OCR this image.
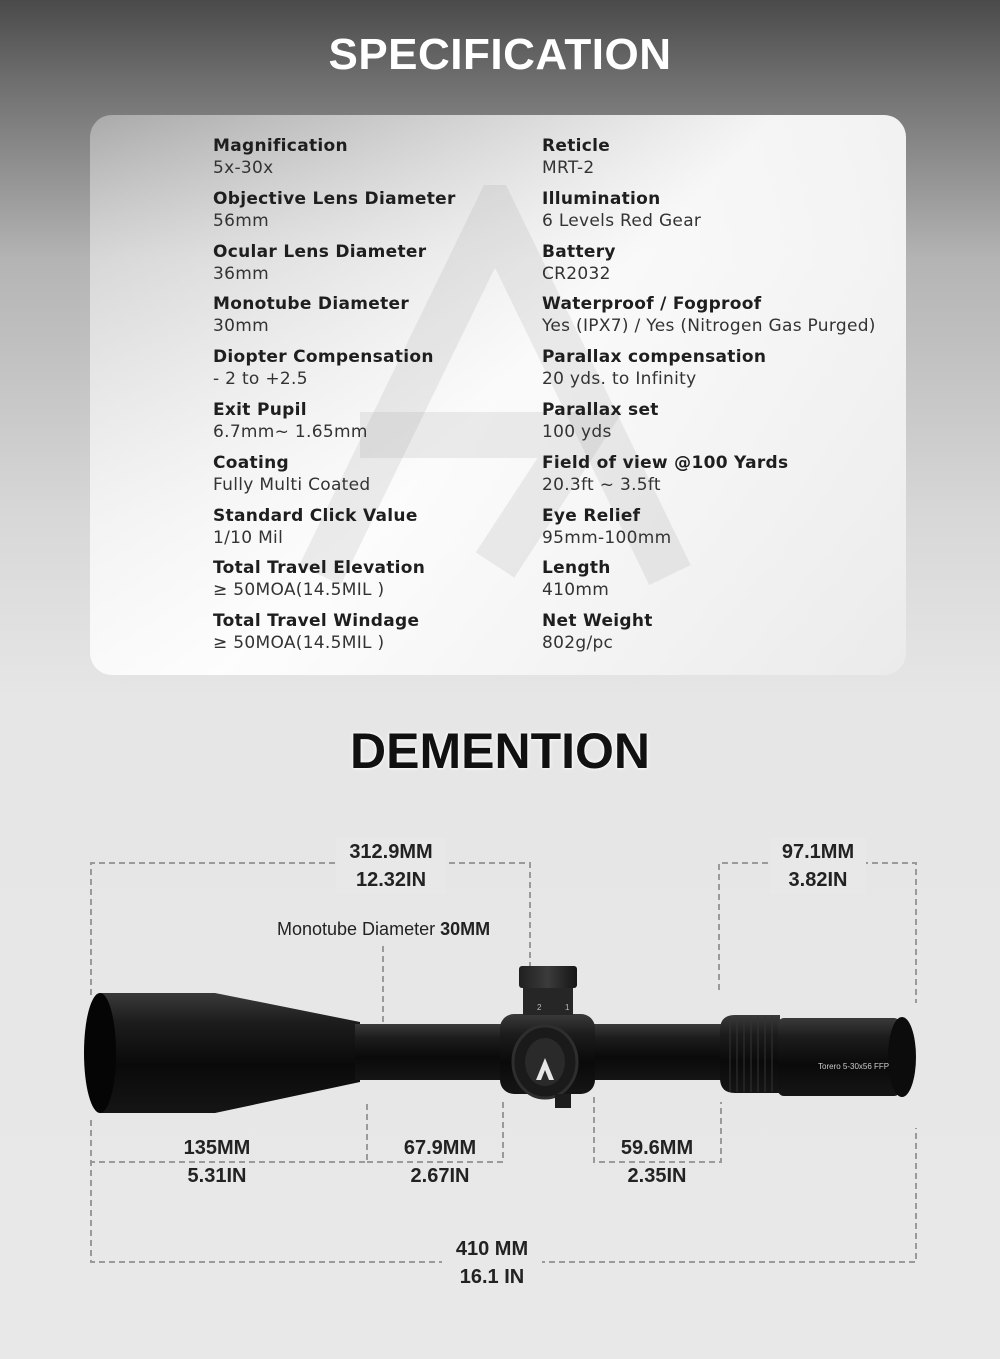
SPECIFICATION
Magnification
5x-30x
Objective Lens Diameter
56mm
Ocular Lens Diameter
36mm
Monotube Diameter
30mm
Diopter Compensation
- 2 to +2.5
Exit Pupil
6.7mm~ 1.65mm
Coating
Fully Multi Coated
Standard Click Value
1/10 Mil
Total Travel Elevation
≥ 50MOA(14.5MIL )
Total Travel Windage
≥ 50MOA(14.5MIL )
Reticle
MRT-2
Illumination
6 Levels Red Gear
Battery
CR2032
Waterproof / Fogproof
Yes (IPX7) / Yes (Nitrogen Gas Purged)
Parallax compensation
20 yds. to Infinity
Parallax set
100 yds
Field of view @100 Yards
20.3ft ~ 3.5ft
Eye Relief
95mm-100mm
Length
410mm
Net Weight
802g/pc
DEMENTION
2	1
Torero 5-30x56 FFP
312.9MM
12.32IN
97.1MM
3.82IN
Monotube Diameter 30MM
135MM
5.31IN
67.9MM
2.67IN
59.6MM
2.35IN
410 MM
16.1 IN
